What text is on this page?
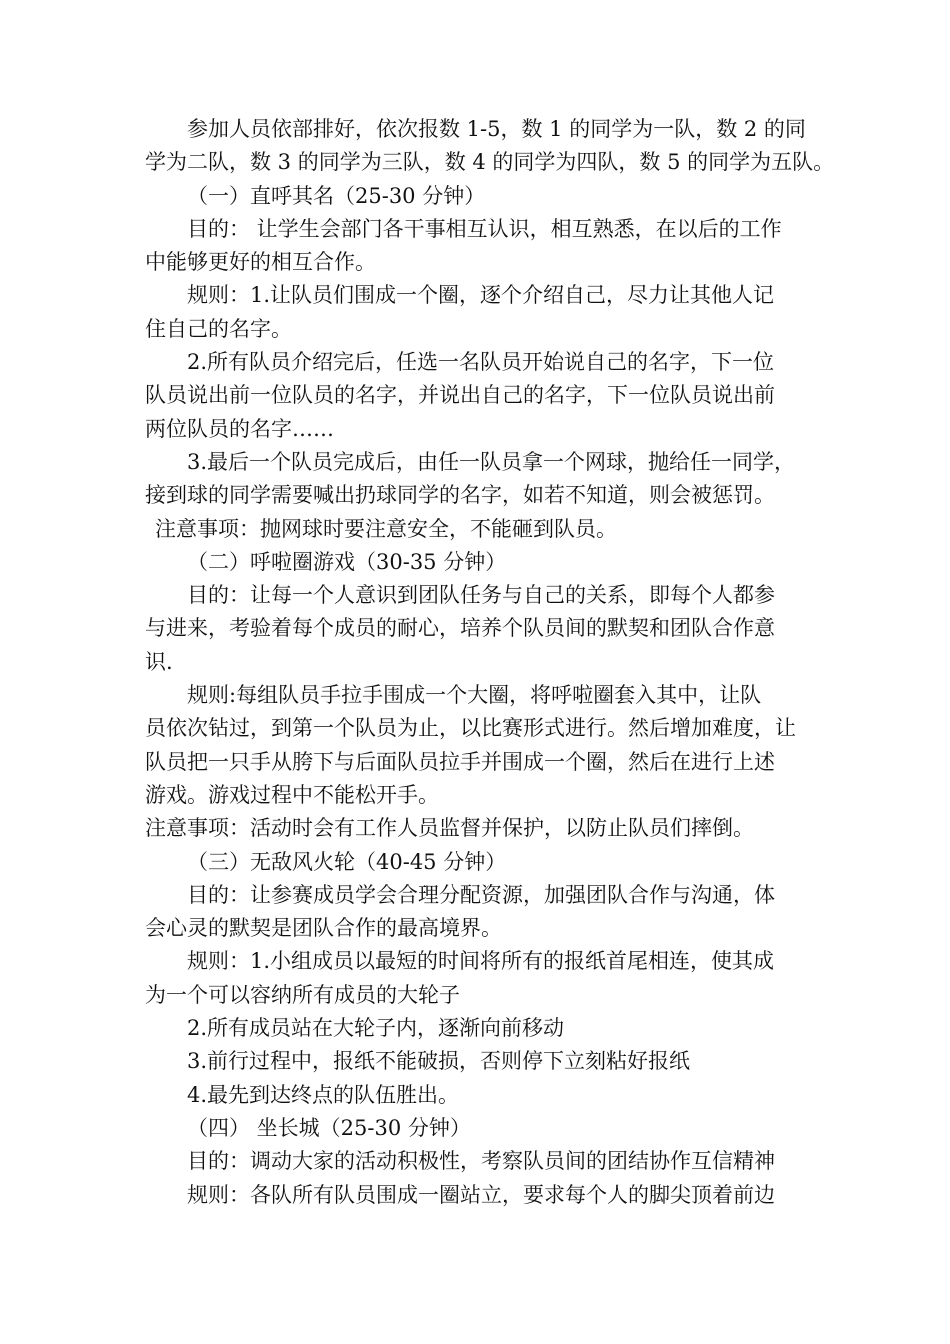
参加人员依部排好，依次报数 1-5，数 1 的同学为一队，数 2 的同

学为二队，数 3 的同学为三队，数 4 的同学为四队，数 5 的同学为五队。

（一）直呼其名（25-30 分钟）

目的： 让学生会部门各干事相互认识，相互熟悉，在以后的工作

中能够更好的相互合作。

规则：1.让队员们围成一个圈，逐个介绍自己，尽力让其他人记

住自己的名字。

2.所有队员介绍完后，任选一名队员开始说自己的名字，下一位

队员说出前一位队员的名字，并说出自己的名字，下一位队员说出前

两位队员的名字……

3.最后一个队员完成后，由任一队员拿一个网球，抛给任一同学，

接到球的同学需要喊出扔球同学的名字，如若不知道，则会被惩罚。

注意事项：抛网球时要注意安全，不能砸到队员。

（二）呼啦圈游戏（30-35 分钟）

目的：让每一个人意识到团队任务与自己的关系，即每个人都参

与进来，考验着每个成员的耐心，培养个队员间的默契和团队合作意

识.

规则:每组队员手拉手围成一个大圈，将呼啦圈套入其中，让队

员依次钻过，到第一个队员为止，以比赛形式进行。然后增加难度，让

队员把一只手从胯下与后面队员拉手并围成一个圈，然后在进行上述

游戏。游戏过程中不能松开手。

注意事项：活动时会有工作人员监督并保护，以防止队员们摔倒。

（三）无敌风火轮（40-45 分钟）

目的：让参赛成员学会合理分配资源，加强团队合作与沟通，体

会心灵的默契是团队合作的最高境界。

规则：1.小组成员以最短的时间将所有的报纸首尾相连，使其成

为一个可以容纳所有成员的大轮子

2.所有成员站在大轮子内，逐渐向前移动

3.前行过程中，报纸不能破损，否则停下立刻粘好报纸

4.最先到达终点的队伍胜出。

（四） 坐长城（25-30 分钟）

目的：调动大家的活动积极性，考察队员间的团结协作互信精神

规则：各队所有队员围成一圈站立，要求每个人的脚尖顶着前边
